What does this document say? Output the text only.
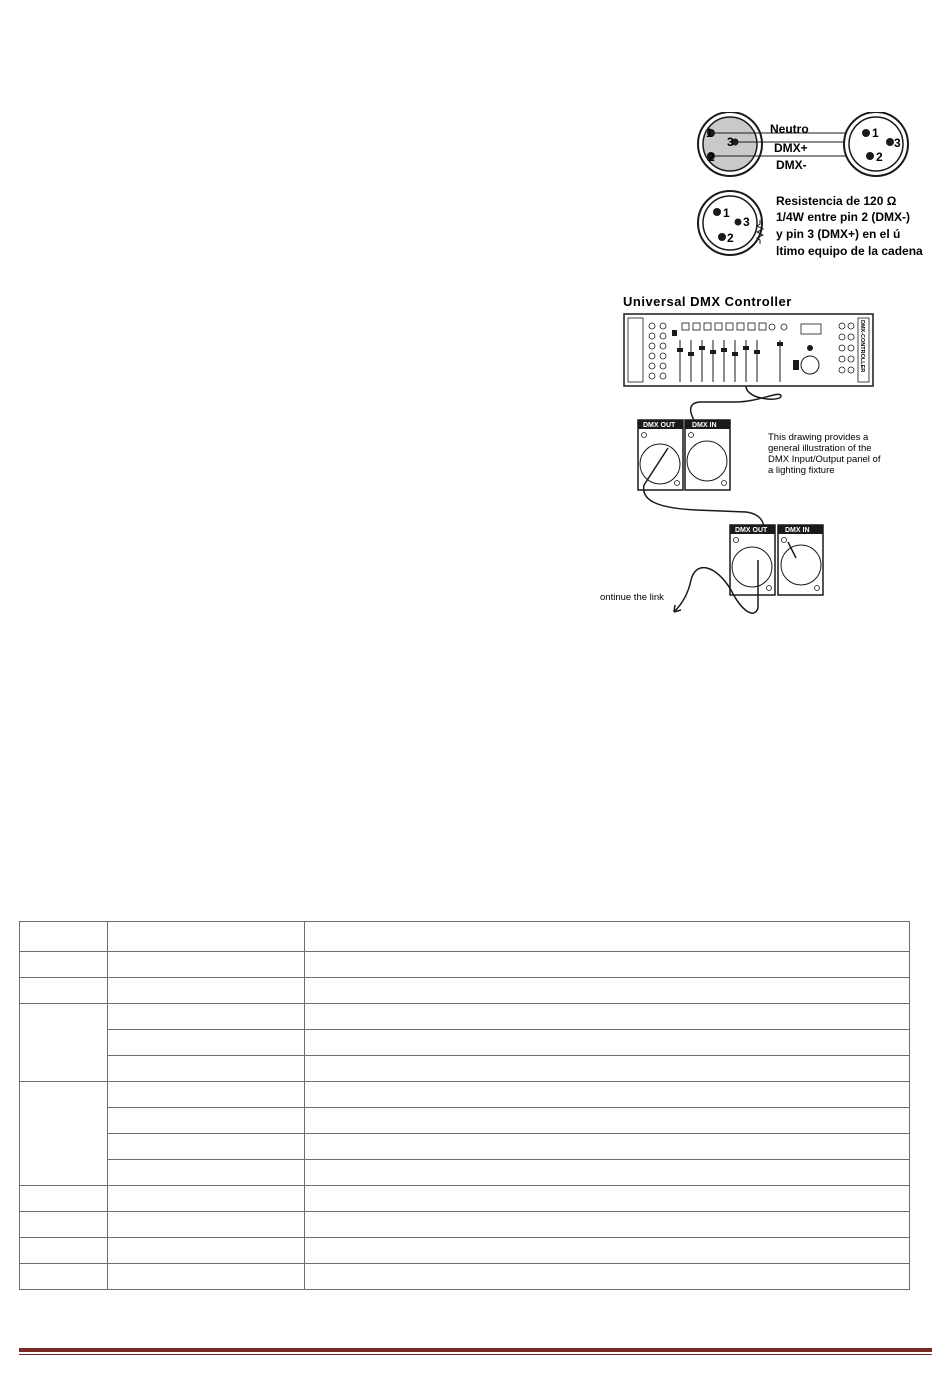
1
3
2
Neutro
DMX+
DMX-
1
3
2
1
3
2
Resistencia de 120 Ω
1/4W entre pin 2 (DMX-)
y pin 3 (DMX+) en el ú
ltimo equipo de la cadena
Universal DMX Controller
DMX-CONTROLLER
DMX OUT DMX IN
This drawing provides a
general illustration of the
DMX Input/Output panel of
a lighting fixture
DMX OUT	DMX IN
ontinue the link
